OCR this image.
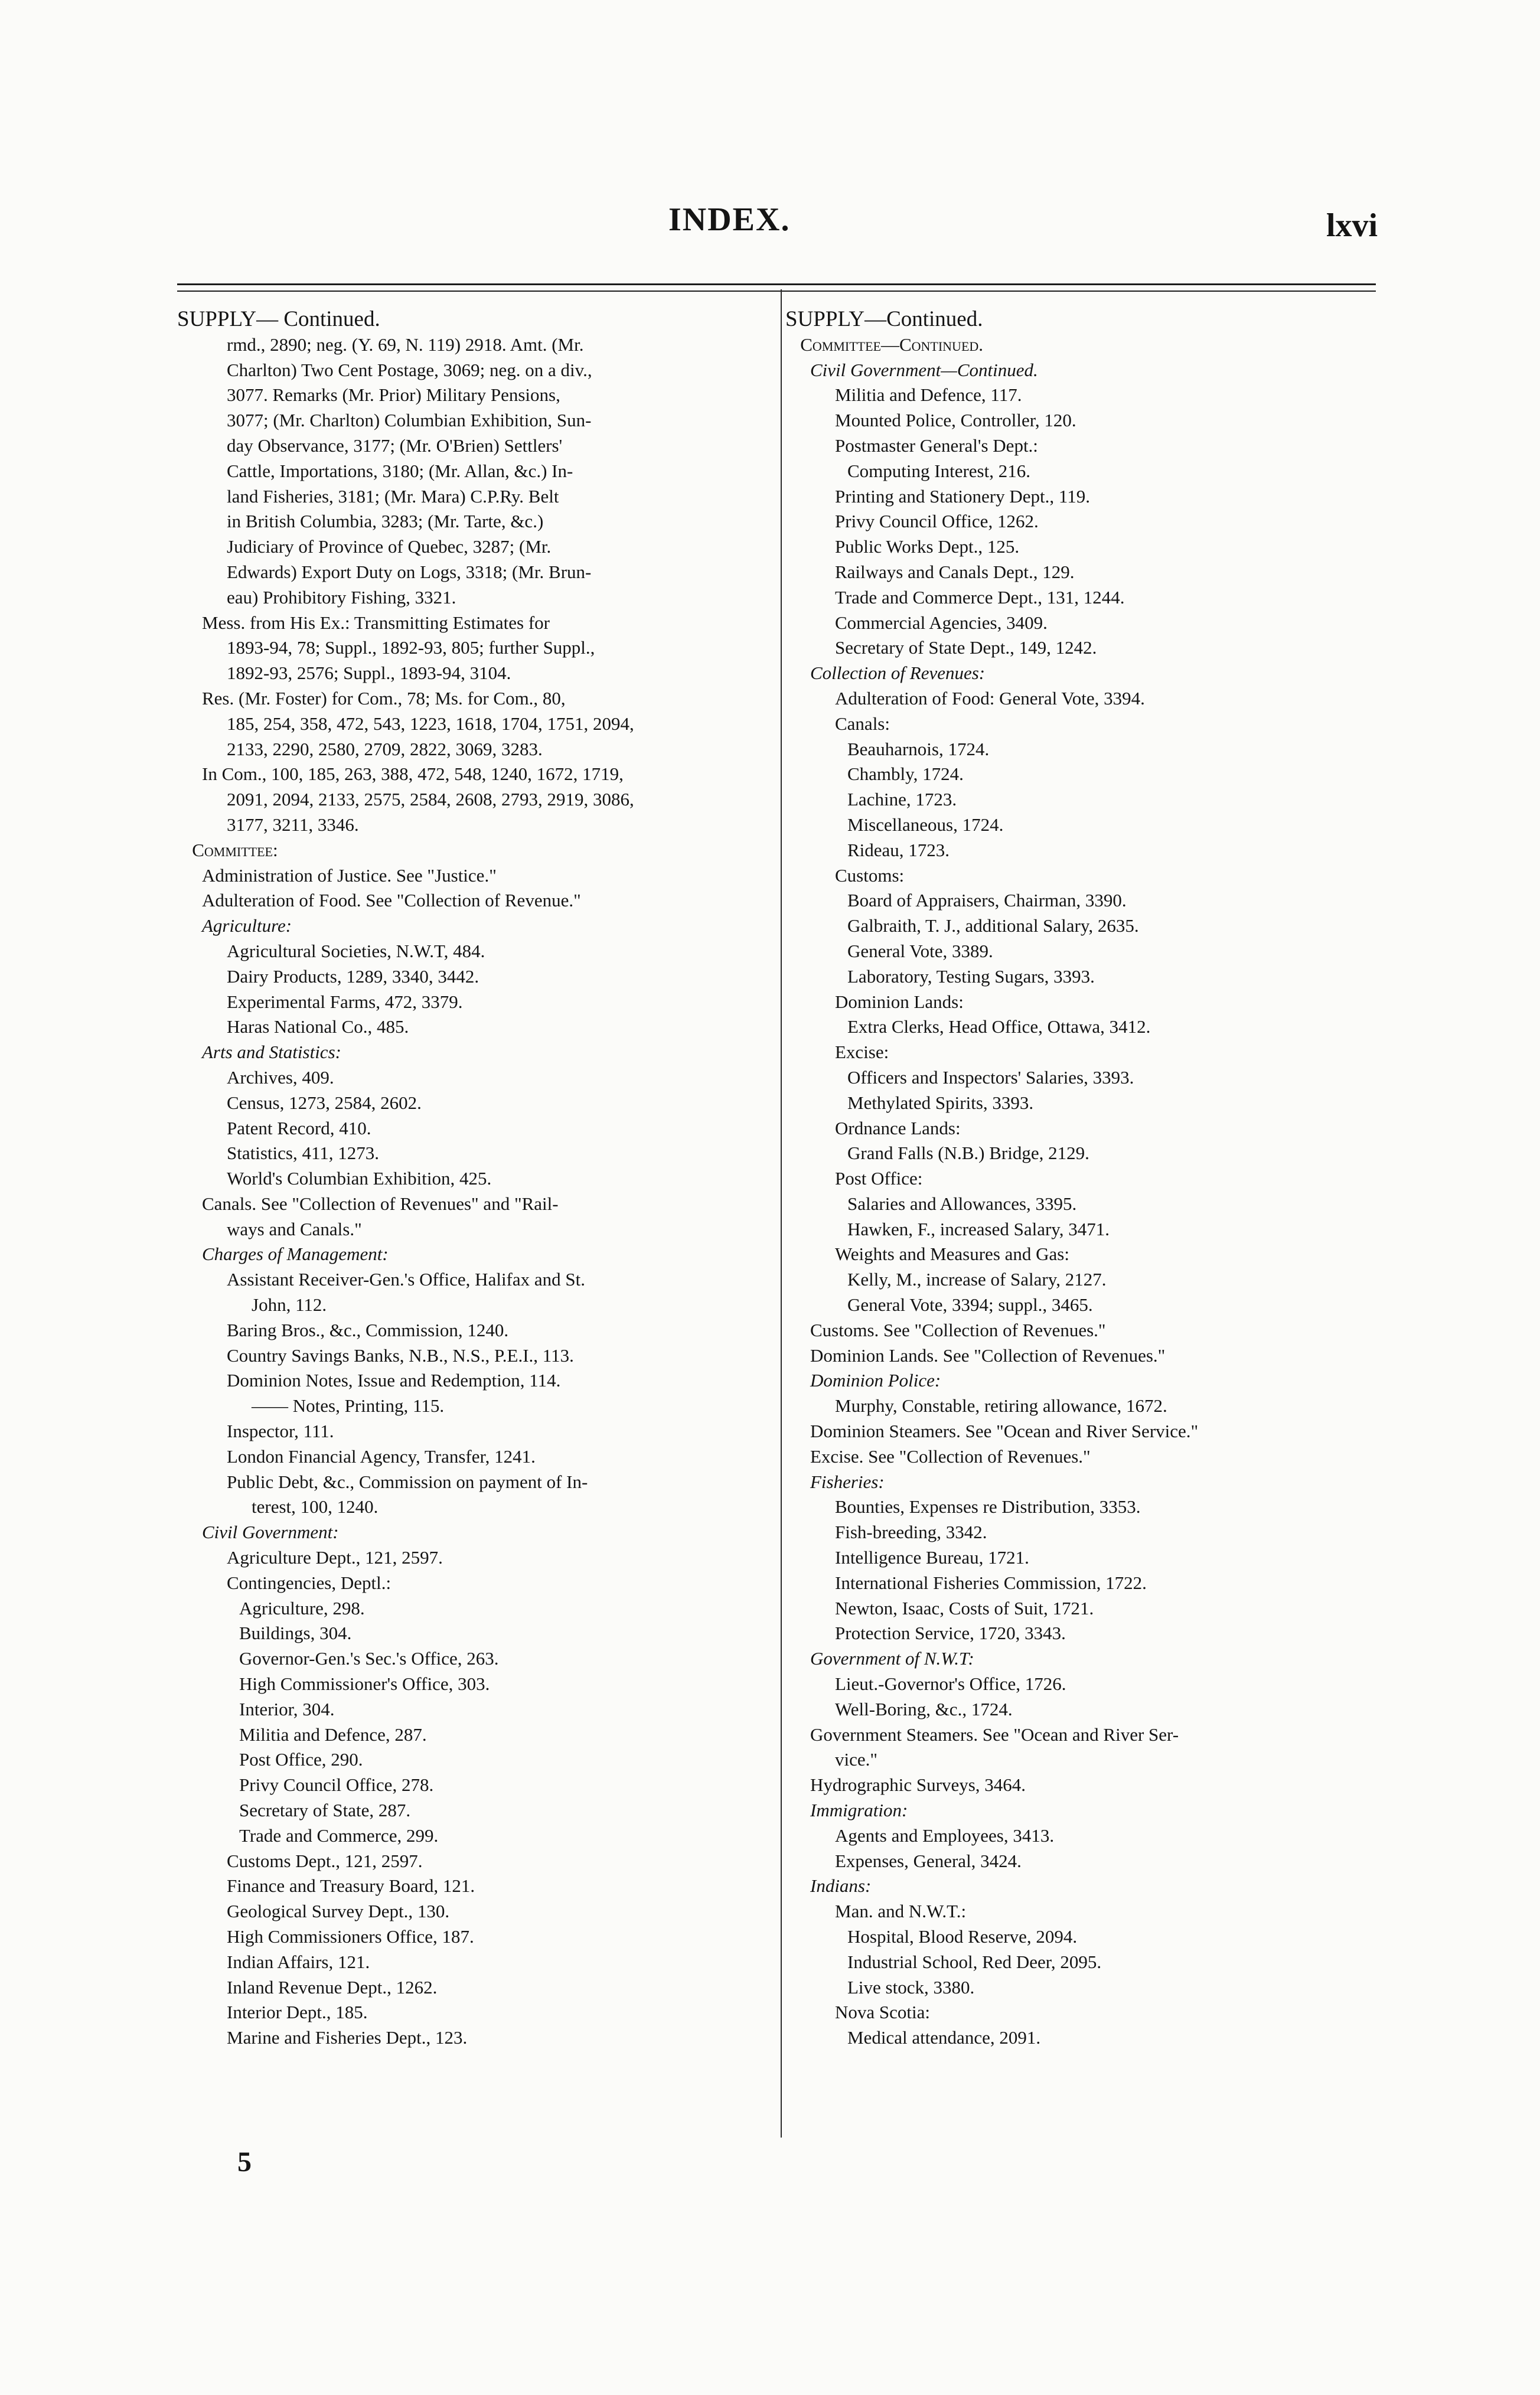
INDEX.	lxvi
SUPPLY— Continued.
rmd., 2890; neg. (Y. 69, N. 119) 2918. Amt. (Mr.
Charlton) Two Cent Postage, 3069; neg. on a div.,
3077. Remarks (Mr. Prior) Military Pensions,
3077; (Mr. Charlton) Columbian Exhibition, Sun-
day Observance, 3177; (Mr. O'Brien) Settlers'
Cattle, Importations, 3180; (Mr. Allan, &c.) In-
land Fisheries, 3181; (Mr. Mara) C.P.Ry. Belt
in British Columbia, 3283; (Mr. Tarte, &c.)
Judiciary of Province of Quebec, 3287; (Mr.
Edwards) Export Duty on Logs, 3318; (Mr. Brun-
eau) Prohibitory Fishing, 3321.
Mess. from His Ex.: Transmitting Estimates for
1893-94, 78; Suppl., 1892-93, 805; further Suppl.,
1892-93, 2576; Suppl., 1893-94, 3104.
Res. (Mr. Foster) for Com., 78; Ms. for Com., 80,
185, 254, 358, 472, 543, 1223, 1618, 1704, 1751, 2094,
2133, 2290, 2580, 2709, 2822, 3069, 3283.
In Com., 100, 185, 263, 388, 472, 548, 1240, 1672, 1719,
2091, 2094, 2133, 2575, 2584, 2608, 2793, 2919, 3086,
3177, 3211, 3346.
Committee:
Administration of Justice. See "Justice."
Adulteration of Food. See "Collection of Revenue."
Agriculture:
Agricultural Societies, N.W.T, 484.
Dairy Products, 1289, 3340, 3442.
Experimental Farms, 472, 3379.
Haras National Co., 485.
Arts and Statistics:
Archives, 409.
Census, 1273, 2584, 2602.
Patent Record, 410.
Statistics, 411, 1273.
World's Columbian Exhibition, 425.
Canals. See "Collection of Revenues" and "Rail-
ways and Canals."
Charges of Management:
Assistant Receiver-Gen.'s Office, Halifax and St.
John, 112.
Baring Bros., &c., Commission, 1240.
Country Savings Banks, N.B., N.S., P.E.I., 113.
Dominion Notes, Issue and Redemption, 114.
—— Notes, Printing, 115.
Inspector, 111.
London Financial Agency, Transfer, 1241.
Public Debt, &c., Commission on payment of In-
terest, 100, 1240.
Civil Government:
Agriculture Dept., 121, 2597.
Contingencies, Deptl.:
Agriculture, 298.
Buildings, 304.
Governor-Gen.'s Sec.'s Office, 263.
High Commissioner's Office, 303.
Interior, 304.
Militia and Defence, 287.
Post Office, 290.
Privy Council Office, 278.
Secretary of State, 287.
Trade and Commerce, 299.
Customs Dept., 121, 2597.
Finance and Treasury Board, 121.
Geological Survey Dept., 130.
High Commissioners Office, 187.
Indian Affairs, 121.
Inland Revenue Dept., 1262.
Interior Dept., 185.
Marine and Fisheries Dept., 123.
SUPPLY—Continued.
Committee—Continued.
Civil Government—Continued.
Militia and Defence, 117.
Mounted Police, Controller, 120.
Postmaster General's Dept.:
Computing Interest, 216.
Printing and Stationery Dept., 119.
Privy Council Office, 1262.
Public Works Dept., 125.
Railways and Canals Dept., 129.
Trade and Commerce Dept., 131, 1244.
Commercial Agencies, 3409.
Secretary of State Dept., 149, 1242.
Collection of Revenues:
Adulteration of Food: General Vote, 3394.
Canals:
Beauharnois, 1724.
Chambly, 1724.
Lachine, 1723.
Miscellaneous, 1724.
Rideau, 1723.
Customs:
Board of Appraisers, Chairman, 3390.
Galbraith, T. J., additional Salary, 2635.
General Vote, 3389.
Laboratory, Testing Sugars, 3393.
Dominion Lands:
Extra Clerks, Head Office, Ottawa, 3412.
Excise:
Officers and Inspectors' Salaries, 3393.
Methylated Spirits, 3393.
Ordnance Lands:
Grand Falls (N.B.) Bridge, 2129.
Post Office:
Salaries and Allowances, 3395.
Hawken, F., increased Salary, 3471.
Weights and Measures and Gas:
Kelly, M., increase of Salary, 2127.
General Vote, 3394; suppl., 3465.
Customs. See "Collection of Revenues."
Dominion Lands. See "Collection of Revenues."
Dominion Police:
Murphy, Constable, retiring allowance, 1672.
Dominion Steamers. See "Ocean and River Service."
Excise. See "Collection of Revenues."
Fisheries:
Bounties, Expenses re Distribution, 3353.
Fish-breeding, 3342.
Intelligence Bureau, 1721.
International Fisheries Commission, 1722.
Newton, Isaac, Costs of Suit, 1721.
Protection Service, 1720, 3343.
Government of N.W.T:
Lieut.-Governor's Office, 1726.
Well-Boring, &c., 1724.
Government Steamers. See "Ocean and River Ser-
vice."
Hydrographic Surveys, 3464.
Immigration:
Agents and Employees, 3413.
Expenses, General, 3424.
Indians:
Man. and N.W.T.:
Hospital, Blood Reserve, 2094.
Industrial School, Red Deer, 2095.
Live stock, 3380.
Nova Scotia:
Medical attendance, 2091.
5
